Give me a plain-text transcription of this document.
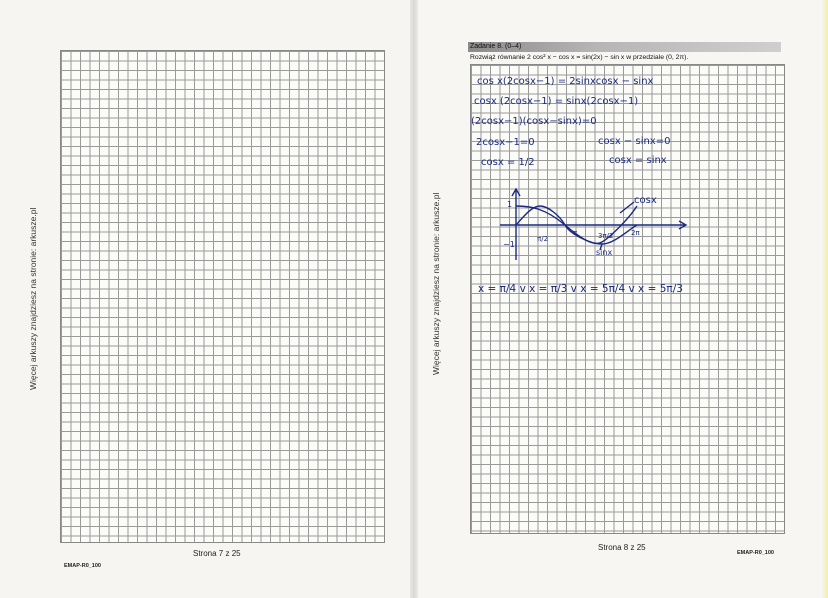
Więcej arkuszy znajdziesz na stronie: arkusze.pl
Strona 7 z 25
EMAP-R0_100
Więcej arkuszy znajdziesz na stronie: arkusze.pl
Zadanie 8. (0–4)
Rozwiąż równanie 2 cos² x − cos x = sin(2x) − sin x w przedziale (0, 2π).
cos x(2cosx−1) = 2sinxcosx − sinx
cosx (2cosx−1) = sinx(2cosx−1)
(2cosx−1)(cosx−sinx)=0
2cosx−1=0	cosx − sinx=0
cosx = 1/2	cosx = sinx
cosx
sinx
1
−1
π/2
π	3π/2	2π
x = π/4 v x = π/3 v x = 5π/4 v x = 5π/3
Strona 8 z 25
EMAP-R0_100
